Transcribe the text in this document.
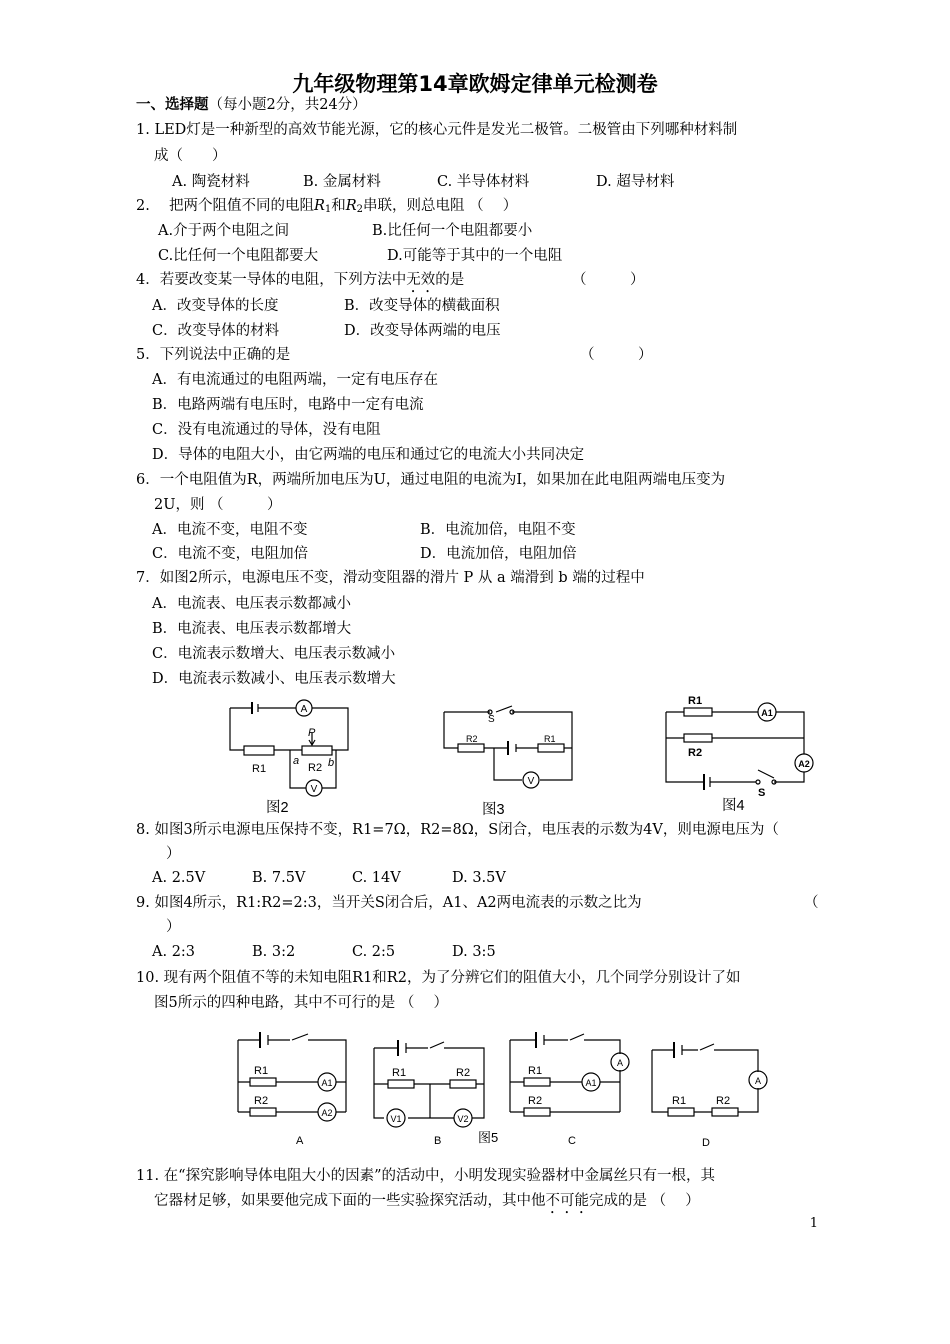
九年级物理第14章欧姆定律单元检测卷
一、选择题（每小题2分，共24分）
1. LED灯是一种新型的高效节能光源，它的核心元件是发光二极管。二极管由下列哪种材料制
成（　　）
A. 陶瓷材料	B. 金属材料	C. 半导体材料	D. 超导材料
2.　 把两个阻值不同的电阻$R_1$和$R_2$串联，则总电阻 （　 ）
A.介于两个电阻之间	B.比任何一个电阻都要小
C.比任何一个电阻都要大	D.可能等于其中的一个电阻
4．若要改变某一导体的电阻，下列方法中无效的是	（　　　）
A．改变导体的长度	B．改变导体的横截面积
C．改变导体的材料	D．改变导体两端的电压
5．下列说法中正确的是	（　　　）
A．有电流通过的电阻两端，一定有电压存在
B．电路两端有电压时，电路中一定有电流
C．没有电流通过的导体，没有电阻
D．导体的电阻大小，由它两端的电压和通过它的电流大小共同决定
6．一个电阻值为R，两端所加电压为U，通过电阻的电流为I，如果加在此电阻两端电压变为
2U，则 （　　　）
A．电流不变，电阻不变	B．电流加倍，电阻不变
C．电流不变，电阻加倍	D．电流加倍，电阻加倍
7．如图2所示，电源电压不变，滑动变阻器的滑片 P 从 a 端滑到 b 端的过程中
A．电流表、电压表示数都减小
B．电流表、电压表示数都增大
C．电流表示数增大、电压表示数减小
D．电流表示数减小、电压表示数增大
A
V
R1	R2
P
a	b
图2
S
R2	R1
V
图3
R1
R2
A1
A2
S
图4
8. 如图3所示电源电压保持不变，R1=7Ω，R2=8Ω，S闭合，电压表的示数为4V，则电源电压为（
）
A. 2.5V	B. 7.5V	C. 14V	D. 3.5V
9. 如图4所示，R1:R2=2:3，当开关S闭合后，A1、A2两电流表的示数之比为	（
）
A. 2:3	B. 3:2	C. 2:5	D. 3:5
10. 现有两个阻值不等的未知电阻R1和R2，为了分辨它们的阻值大小，几个同学分别设计了如
图5所示的四种电路，其中不可行的是 （　 ）
R1
R2
A1
A2
R1	R2
V1	V2
A
R1
R2
A1	A
R1	R2
A	B	图5	C	D
11. 在“探究影响导体电阻大小的因素”的活动中，小明发现实验器材中金属丝只有一根，其
它器材足够，如果要他完成下面的一些实验探究活动，其中他不可能完成的是 （　 ）
1
